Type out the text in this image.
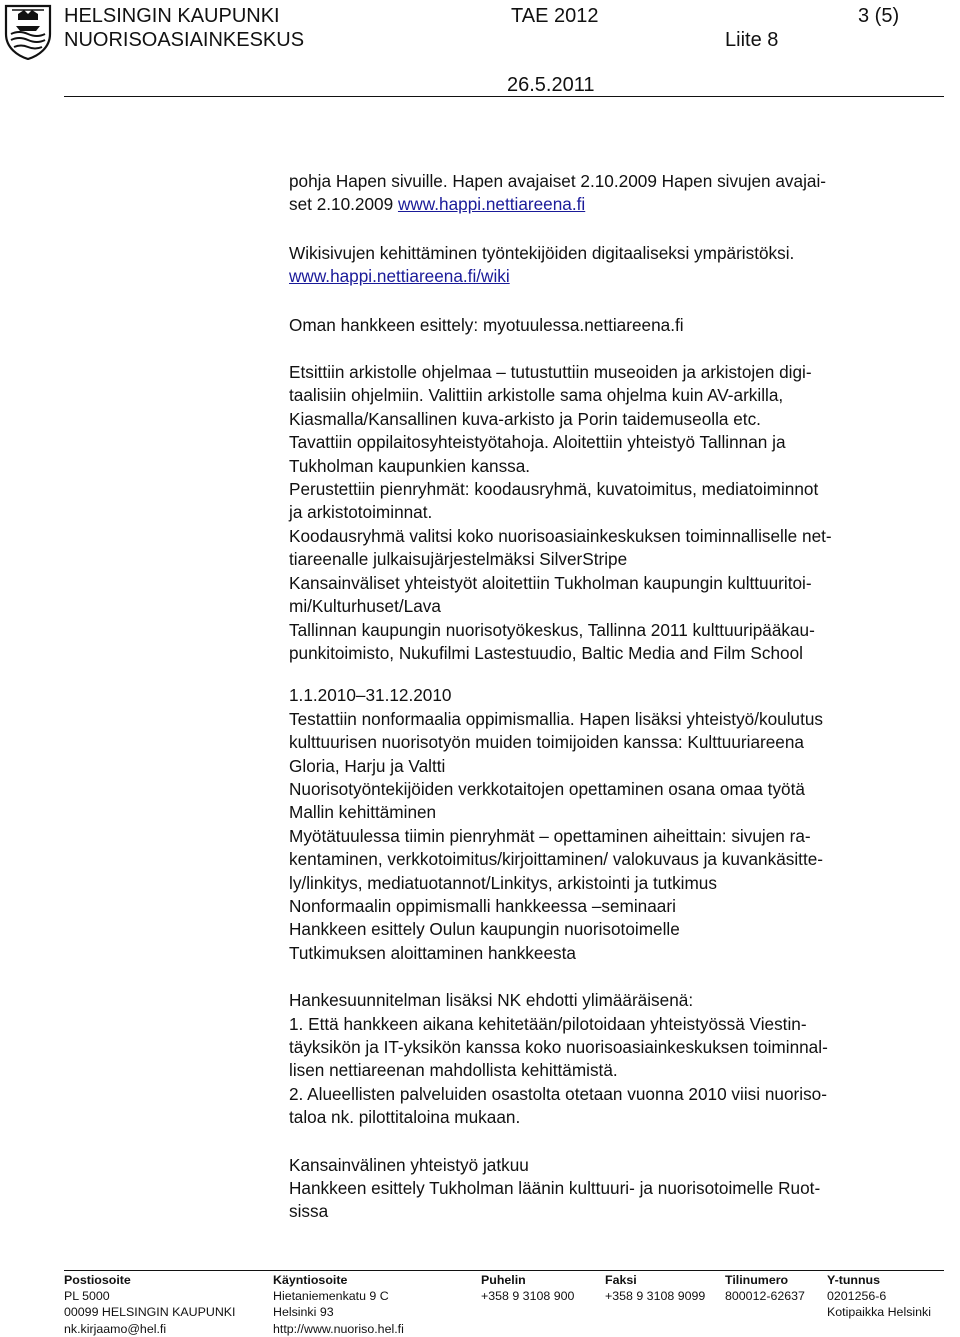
HELSINGIN KAUPUNKI
NUORISOASIAINKESKUS
TAE 2012	3 (5)
Liite 8
26.5.2011

pohja Hapen sivuille. Hapen avajaiset 2.10.2009 Hapen sivujen avajai-

set 2.10.2009 www.happi.nettiareena.fi

Wikisivujen kehittäminen työntekijöiden digitaaliseksi ympäristöksi.

www.happi.nettiareena.fi/wiki

Oman hankkeen esittely: myotuulessa.nettiareena.fi

Etsittiin arkistolle ohjelmaa – tutustuttiin museoiden ja arkistojen digi-

taalisiin ohjelmiin. Valittiin arkistolle sama ohjelma kuin AV-arkilla,

Kiasmalla/Kansallinen kuva-arkisto ja Porin taidemuseolla etc.

Tavattiin oppilaitosyhteistyötahoja. Aloitettiin yhteistyö Tallinnan ja

Tukholman kaupunkien kanssa.

Perustettiin pienryhmät: koodausryhmä, kuvatoimitus, mediatoiminnot

ja arkistotoiminnat.

Koodausryhmä valitsi koko nuorisoasiainkeskuksen toiminnalliselle net-

tiareenalle julkaisujärjestelmäksi SilverStripe

Kansainväliset yhteistyöt aloitettiin Tukholman kaupungin kulttuuritoi-

mi/Kulturhuset/Lava

Tallinnan kaupungin nuorisotyökeskus, Tallinna 2011 kulttuuripääkau-

punkitoimisto, Nukufilmi Lastestuudio, Baltic Media and Film School

1.1.2010–31.12.2010

Testattiin nonformaalia oppimismallia. Hapen lisäksi yhteistyö/koulutus

kulttuurisen nuorisotyön muiden toimijoiden kanssa: Kulttuuriareena

Gloria, Harju ja Valtti

Nuorisotyöntekijöiden verkkotaitojen opettaminen osana omaa työtä

Mallin kehittäminen

Myötätuulessa tiimin pienryhmät – opettaminen aiheittain: sivujen ra-

kentaminen, verkkotoimitus/kirjoittaminen/ valokuvaus ja kuvankäsitte-

ly/linkitys, mediatuotannot/Linkitys, arkistointi ja tutkimus

Nonformaalin oppimismalli hankkeessa –seminaari

Hankkeen esittely Oulun kaupungin nuorisotoimelle

Tutkimuksen aloittaminen hankkeesta

Hankesuunnitelman lisäksi NK ehdotti ylimääräisenä:

1. Että hankkeen aikana kehitetään/pilotoidaan yhteistyössä Viestin-

täyksikön ja IT-yksikön kanssa koko nuorisoasiainkeskuksen toiminnal-

lisen nettiareenan mahdollista kehittämistä.

2. Alueellisten palveluiden osastolta otetaan vuonna 2010 viisi nuoriso-

taloa nk. pilottitaloina mukaan.

Kansainvälinen yhteistyö jatkuu

Hankkeen esittely Tukholman läänin kulttuuri- ja nuorisotoimelle Ruot-

sissa

Postiosoite
PL 5000
00099 HELSINGIN KAUPUNKI
nk.kirjaamo@hel.fi
Käyntiosoite
Hietaniemenkatu 9 C
Helsinki 93
http://www.nuoriso.hel.fi
Puhelin
+358 9 3108 900
Faksi
+358 9 3108 9099
Tilinumero
800012-62637
Y-tunnus
0201256-6
Kotipaikka Helsinki
